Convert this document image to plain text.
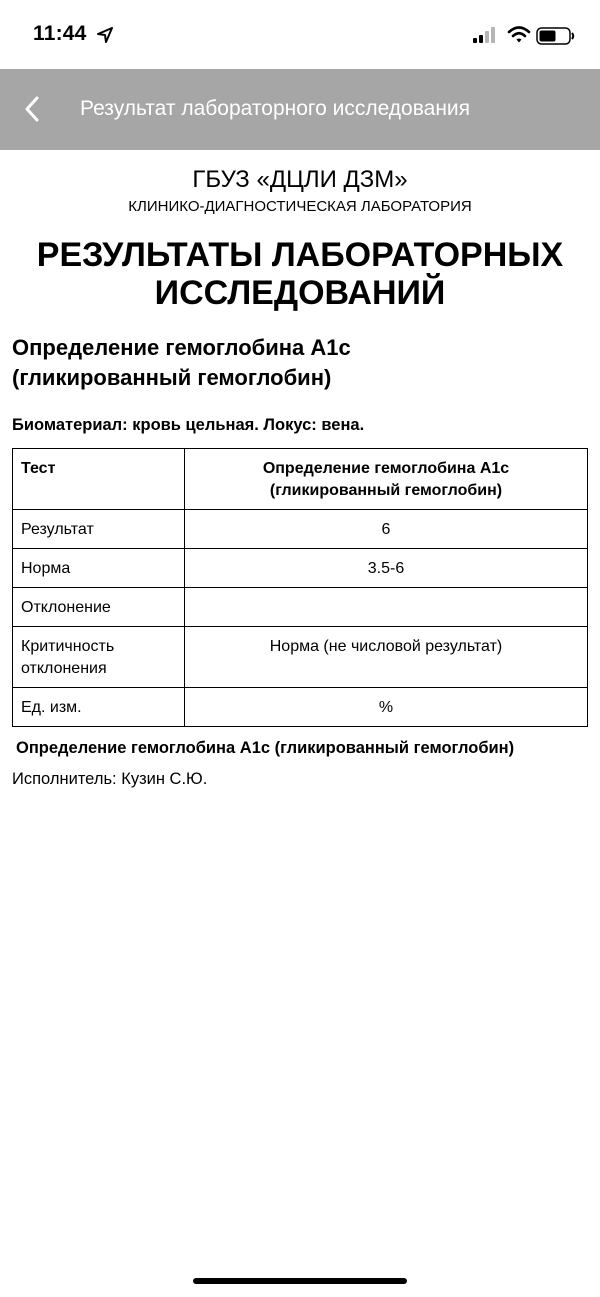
11:44
Результат лабораторного исследования
ГБУЗ «ДЦЛИ ДЗМ»
КЛИНИКО-ДИАГНОСТИЧЕСКАЯ ЛАБОРАТОРИЯ
РЕЗУЛЬТАТЫ ЛАБОРАТОРНЫХ
ИССЛЕДОВАНИЙ
Определение гемоглобина А1с
(гликированный гемоглобин)
Биоматериал: кровь цельная. Локус: вена.
Тест	Определение гемоглобина А1с
(гликированный гемоглобин)

Результат	6
Норма	3.5-6
Отклонение	

Критичность
отклонения	Норма (не числовой результат)
Ед. изм.	%
Определение гемоглобина А1с (гликированный гемоглобин)
Исполнитель: Кузин С.Ю.
